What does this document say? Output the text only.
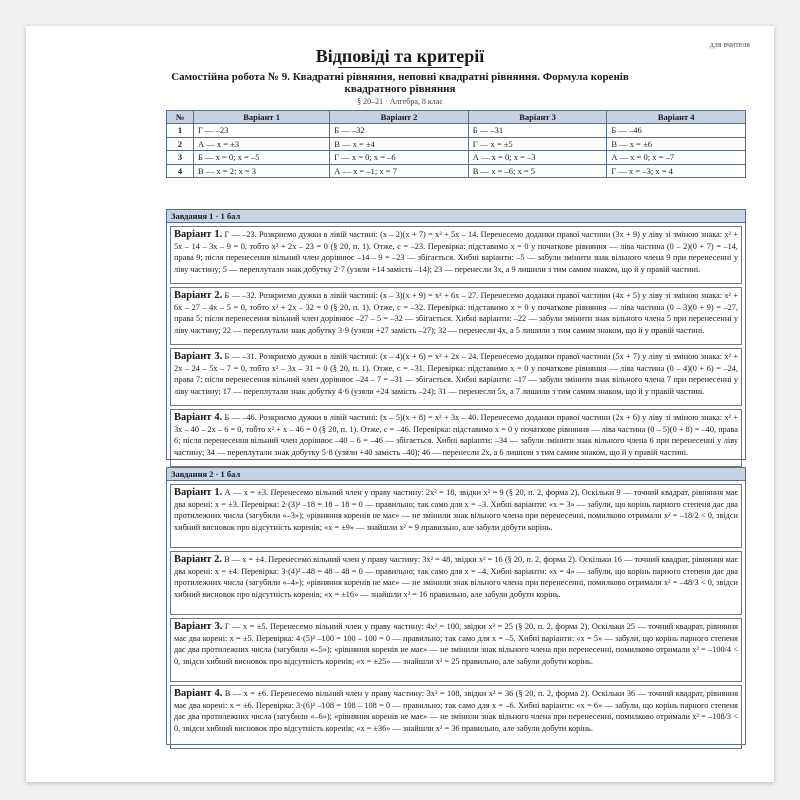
для вчителя
Відповіді та критерії
Самостійна робота № 9. Квадратні рівняння, неповні квадратні рівняння. Формула коренів квадратного рівняння
§ 20–21 · Алгебра, 8 клас
№	Варіант 1	Варіант 2	Варіант 3	Варіант 4
1	Г — –23	Б — –32	Б — –31	Б — –46
2	А — x = ±3	В — x = ±4	Г — x = ±5	В — x = ±6
3	Б — x = 0; x = –5	Г — x = 0; x = –6	А — x = 0; x = –3	А — x = 0; x = –7
4	В — x = 2; x = 3	А — x = –1; x = 7	В — x = –6; x = 5	Г — x = –3; x = 4
Завдання 1 · 1 бал
Варіант 1. Г — –23. Розкриємо дужки в лівій частині: (x – 2)(x + 7) = x² + 5x – 14. Перенесемо доданки правої частини (3x + 9) у ліву зі зміною знака: x² + 5x – 14 – 3x – 9 = 0, тобто x² + 2x – 23 = 0 (§ 20, п. 1). Отже, c = –23. Перевірка: підставимо x = 0 у початкове рівняння — ліва частина (0 – 2)(0 + 7) = –14, права 9; після перенесення вільний член дорівнює –14 – 9 = –23 — збігається. Хибні варіанти: –5 — забули змінити знак вільного члена 9 при перенесенні у ліву частину; 5 — переплутали знак добутку 2·7 (узяли +14 замість –14); 23 — перенесли 3x, а 9 лишили з тим самим знаком, що й у правій частині.
Варіант 2. Б — –32. Розкриємо дужки в лівій частині: (x – 3)(x + 9) = x² + 6x – 27. Перенесемо доданки правої частини (4x + 5) у ліву зі зміною знака: x² + 6x – 27 – 4x – 5 = 0, тобто x² + 2x – 32 = 0 (§ 20, п. 1). Отже, c = –32. Перевірка: підставимо x = 0 у початкове рівняння — ліва частина (0 – 3)(0 + 9) = –27, права 5; після перенесення вільний член дорівнює –27 – 5 = –32 — збігається. Хибні варіанти: –22 — забули змінити знак вільного члена 5 при перенесенні у ліву частину; 22 — переплутали знак добутку 3·9 (узяли +27 замість –27); 32 — перенесли 4x, а 5 лишили з тим самим знаком, що й у правій частині.
Варіант 3. Б — –31. Розкриємо дужки в лівій частині: (x – 4)(x + 6) = x² + 2x – 24. Перенесемо доданки правої частини (5x + 7) у ліву зі зміною знака: x² + 2x – 24 – 5x – 7 = 0, тобто x² – 3x – 31 = 0 (§ 20, п. 1). Отже, c = –31. Перевірка: підставимо x = 0 у початкове рівняння — ліва частина (0 – 4)(0 + 6) = –24, права 7; після перенесення вільний член дорівнює –24 – 7 = –31 — збігається. Хибні варіанти: –17 — забули змінити знак вільного члена 7 при перенесенні у ліву частину; 17 — переплутали знак добутку 4·6 (узяли +24 замість –24); 31 — перенесли 5x, а 7 лишили з тим самим знаком, що й у правій частині.
Варіант 4. Б — –46. Розкриємо дужки в лівій частині: (x – 5)(x + 8) = x² + 3x – 40. Перенесемо доданки правої частини (2x + 6) у ліву зі зміною знака: x² + 3x – 40 – 2x – 6 = 0, тобто x² + x – 46 = 0 (§ 20, п. 1). Отже, c = –46. Перевірка: підставимо x = 0 у початкове рівняння — ліва частина (0 – 5)(0 + 8) = –40, права 6; після перенесення вільний член дорівнює –40 – 6 = –46 — збігається. Хибні варіанти: –34 — забули змінити знак вільного члена 6 при перенесенні у ліву частину; 34 — переплутали знак добутку 5·8 (узяли +40 замість –40); 46 — перенесли 2x, а 6 лишили з тим самим знаком, що й у правій частині.
Завдання 2 · 1 бал
Варіант 1. А — x = ±3. Перенесемо вільний член у праву частину: 2x² = 18, звідки x² = 9 (§ 20, п. 2, форма 2). Оскільки 9 — точний квадрат, рівняння має два корені: x = ±3. Перевірка: 2·(3)² –18 = 18 – 18 = 0 — правильно; так само для x = –3. Хибні варіанти: «x = 3» — забули, що корінь парного степеня дає два протилежних числа (загубили «–3»); «рівняння коренів не має» — не змінили знак вільного члена при перенесенні, помилково отримали x² = –18/2 < 0, звідси хибний висновок про відсутність коренів; «x = ±9» — знайшли x² = 9 правильно, але забули добути корінь.
Варіант 2. В — x = ±4. Перенесемо вільний член у праву частину: 3x² = 48, звідки x² = 16 (§ 20, п. 2, форма 2). Оскільки 16 — точний квадрат, рівняння має два корені: x = ±4. Перевірка: 3·(4)² –48 = 48 – 48 = 0 — правильно; так само для x = –4. Хибні варіанти: «x = 4» — забули, що корінь парного степеня дає два протилежних числа (загубили «–4»); «рівняння коренів не має» — не змінили знак вільного члена при перенесенні, помилково отримали x² = –48/3 < 0, звідси хибний висновок про відсутність коренів; «x = ±16» — знайшли x² = 16 правильно, але забули добути корінь.
Варіант 3. Г — x = ±5. Перенесемо вільний член у праву частину: 4x² = 100, звідки x² = 25 (§ 20, п. 2, форма 2). Оскільки 25 — точний квадрат, рівняння має два корені: x = ±5. Перевірка: 4·(5)² –100 = 100 – 100 = 0 — правильно; так само для x = –5. Хибні варіанти: «x = 5» — забули, що корінь парного степеня дає два протилежних числа (загубили «–5»); «рівняння коренів не має» — не змінили знак вільного члена при перенесенні, помилково отримали x² = –100/4 < 0, звідси хибний висновок про відсутність коренів; «x = ±25» — знайшли x² = 25 правильно, але забули добути корінь.
Варіант 4. В — x = ±6. Перенесемо вільний член у праву частину: 3x² = 108, звідки x² = 36 (§ 20, п. 2, форма 2). Оскільки 36 — точний квадрат, рівняння має два корені: x = ±6. Перевірка: 3·(6)² –108 = 108 – 108 = 0 — правильно; так само для x = –6. Хибні варіанти: «x = 6» — забули, що корінь парного степеня дає два протилежних числа (загубили «–6»); «рівняння коренів не має» — не змінили знак вільного члена при перенесенні, помилково отримали x² = –108/3 < 0, звідси хибний висновок про відсутність коренів; «x = ±36» — знайшли x² = 36 правильно, але забули добути корінь.
